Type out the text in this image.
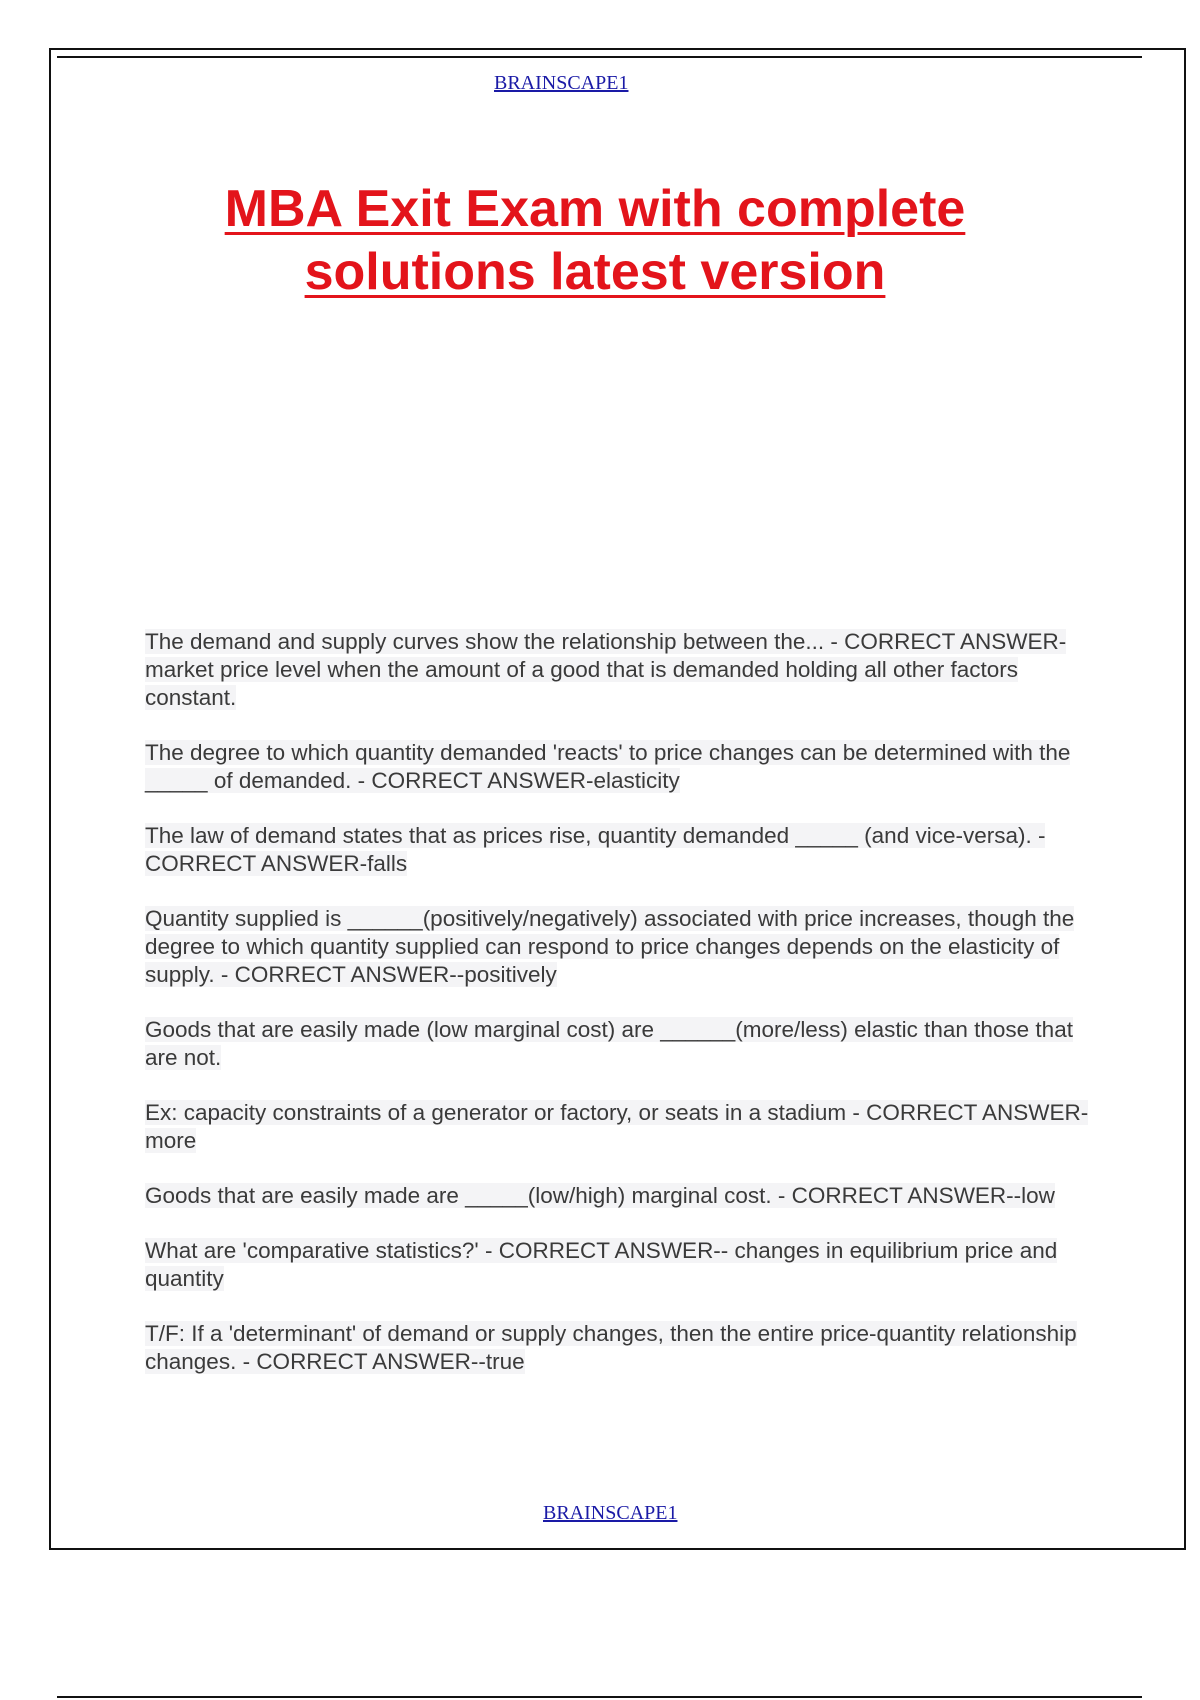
BRAINSCAPE1
MBA Exit Exam with complete solutions latest version

The demand and supply curves show the relationship between the... - CORRECT ANSWER-market price level when the amount of a good that is demanded holding all other factors constant.

The degree to which quantity demanded 'reacts' to price changes can be determined with the _____ of demanded. - CORRECT ANSWER-elasticity

The law of demand states that as prices rise, quantity demanded _____ (and vice-versa). - CORRECT ANSWER-falls

Quantity supplied is ______(positively/negatively) associated with price increases, though the degree to which quantity supplied can respond to price changes depends on the elasticity of supply. - CORRECT ANSWER--positively

Goods that are easily made (low marginal cost) are ______(more/less) elastic than those that are not.

Ex: capacity constraints of a generator or factory, or seats in a stadium - CORRECT ANSWER-more

Goods that are easily made are _____(low/high) marginal cost. - CORRECT ANSWER--low

What are 'comparative statistics?' - CORRECT ANSWER-- changes in equilibrium price and quantity

T/F: If a 'determinant' of demand or supply changes, then the entire price-quantity relationship changes. - CORRECT ANSWER--true

BRAINSCAPE1
